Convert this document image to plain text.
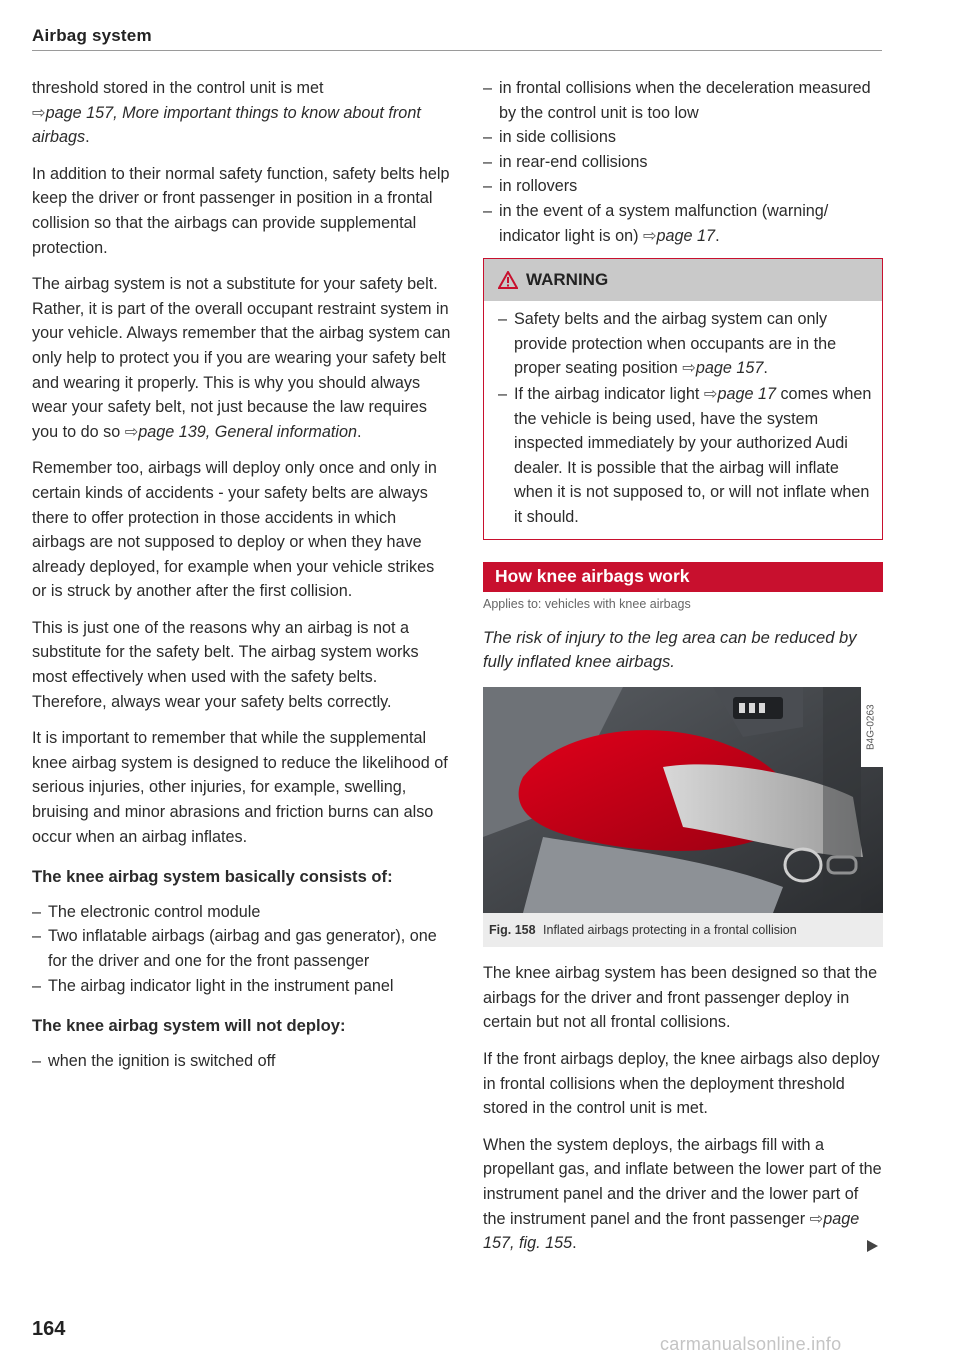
Airbag system

threshold stored in the control unit is met
⇨page 157, More important things to know about front airbags.

In addition to their normal safety function, safety belts help keep the driver or front passenger in position in a frontal collision so that the airbags can provide supplemental protection.

The airbag system is not a substitute for your safety belt. Rather, it is part of the overall occupant restraint system in your vehicle. Always remember that the airbag system can only help to protect you if you are wearing your safety belt and wearing it properly. This is why you should always wear your safety belt, not just because the law requires you to do so ⇨page 139, General information.

Remember too, airbags will deploy only once and only in certain kinds of accidents - your safety belts are always there to offer protection in those accidents in which airbags are not supposed to deploy or when they have already deployed, for example when your vehicle strikes or is struck by another after the first collision.

This is just one of the reasons why an airbag is not a substitute for the safety belt. The airbag system works most effectively when used with the safety belts. Therefore, always wear your safety belts correctly.

It is important to remember that while the supplemental knee airbag system is designed to reduce the likelihood of serious injuries, other injuries, for example, swelling, bruising and minor abrasions and friction burns can also occur when an airbag inflates.

The knee airbag system basically consists of:
– The electronic control module
– Two inflatable airbags (airbag and gas generator), one for the driver and one for the front passenger
– The airbag indicator light in the instrument panel
The knee airbag system will not deploy:
– when the ignition is switched off
– in frontal collisions when the deceleration measured by the control unit is too low
– in side collisions
– in rear-end collisions
– in rollovers
– in the event of a system malfunction (warning/ indicator light is on) ⇨page 17.
WARNING
– Safety belts and the airbag system can only provide protection when occupants are in the proper seating position ⇨page 157.
– If the airbag indicator light ⇨page 17 comes when the vehicle is being used, have the system inspected immediately by your authorized Audi dealer. It is possible that the airbag will inflate when it is not supposed to, or will not inflate when it should.
How knee airbags work
Applies to: vehicles with knee airbags

The risk of injury to the leg area can be reduced by fully inflated knee airbags.

B4G-0263
Fig. 158 Inflated airbags protecting in a frontal collision

The knee airbag system has been designed so that the airbags for the driver and front passenger deploy in certain but not all frontal collisions.

If the front airbags deploy, the knee airbags also deploy in frontal collisions when the deployment threshold stored in the control unit is met.

When the system deploys, the airbags fill with a propellant gas, and inflate between the lower part of the instrument panel and the driver and the lower part of the instrument panel and the front passenger ⇨page 157, fig. 155.

164
carmanualsonline.info
